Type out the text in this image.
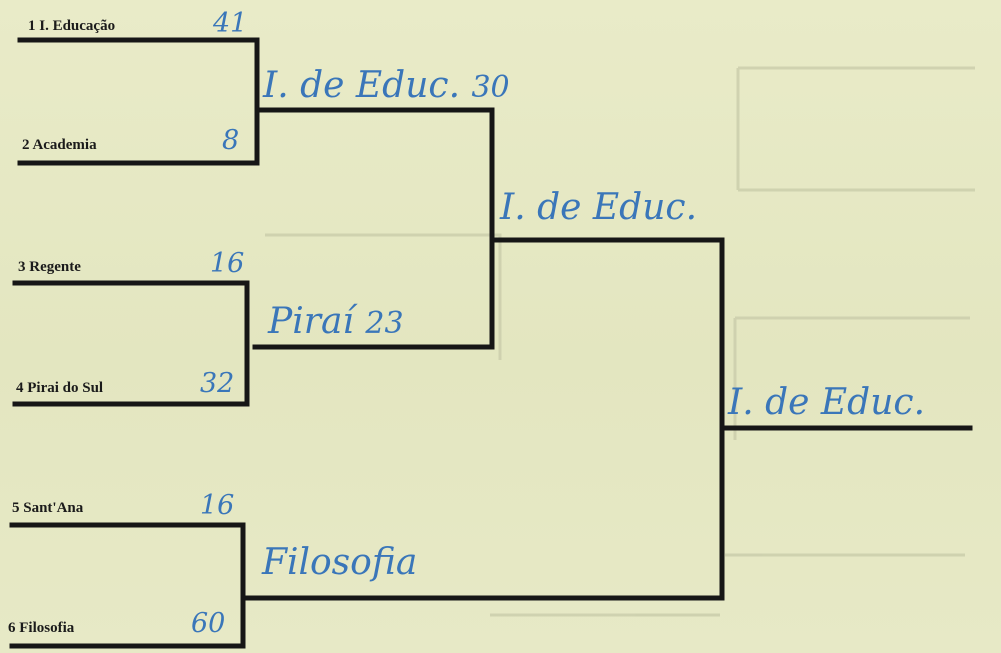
1 I. Educação
2 Academia
3 Regente
4 Pirai do Sul
5 Sant'Ana
6 Filosofia
41
8
16
32
16
60
I. de Educ. 30
Piraí 23
Filosofia
I. de Educ.
I. de Educ.
